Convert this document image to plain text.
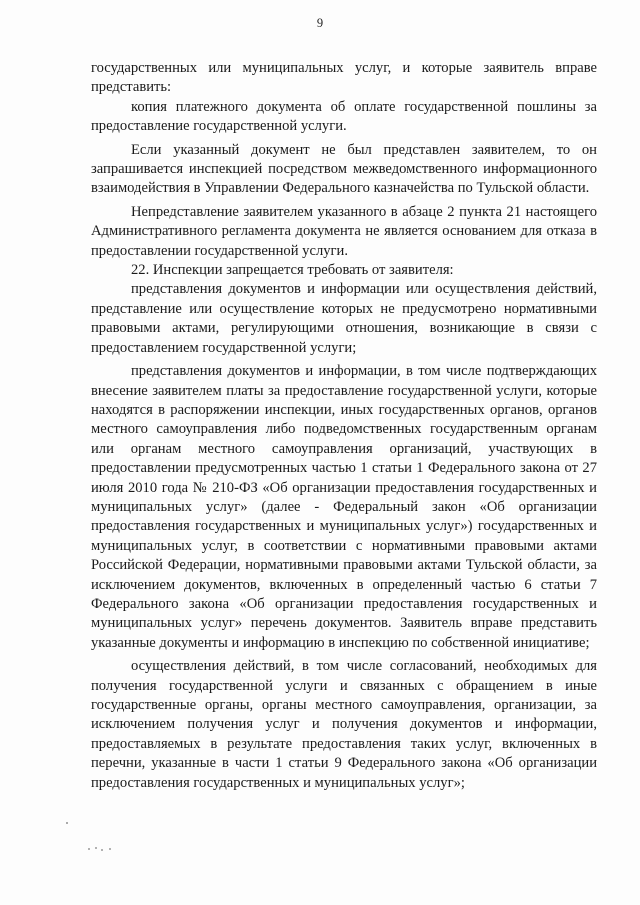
9

государственных или муниципальных услуг, и которые заявитель вправе представить:

копия платежного документа об оплате государственной пошлины за предоставление государственной услуги.

Если указанный документ не был представлен заявителем, то он запрашивается инспекцией посредством межведомственного информационного взаимодействия в Управлении Федерального казначейства по Тульской области.

Непредставление заявителем указанного в абзаце 2 пункта 21 настоящего Административного регламента документа не является основанием для отказа в предоставлении государственной услуги.

22. Инспекции запрещается требовать от заявителя:

представления документов и информации или осуществления действий, представление или осуществление которых не предусмотрено нормативными правовыми актами, регулирующими отношения, возникающие в связи с предоставлением государственной услуги;

представления документов и информации, в том числе подтверждающих внесение заявителем платы за предоставление государственной услуги, которые находятся в распоряжении инспекции, иных государственных органов, органов местного самоуправления либо подведомственных государственным органам или органам местного самоуправления организаций, участвующих в предоставлении предусмотренных частью 1 статьи 1 Федерального закона от 27 июля 2010 года № 210-ФЗ «Об организации предоставления государственных и муниципальных услуг» (далее - Федеральный закон «Об организации предоставления государственных и муниципальных услуг») государственных и муниципальных услуг, в соответствии с нормативными правовыми актами Российской Федерации, нормативными правовыми актами Тульской области, за исключением документов, включенных в определенный частью 6 статьи 7 Федерального закона «Об организации предоставления государственных и муниципальных услуг» перечень документов. Заявитель вправе представить указанные документы и информацию в инспекцию по собственной инициативе;

осуществления действий, в том числе согласований, необходимых для получения государственной услуги и связанных с обращением в иные государственные органы, органы местного самоуправления, организации, за исключением получения услуг и получения документов и информации, предоставляемых в результате предоставления таких услуг, включенных в перечни, указанные в части 1 статьи 9 Федерального закона «Об организации предоставления государственных и муниципальных услуг»;
